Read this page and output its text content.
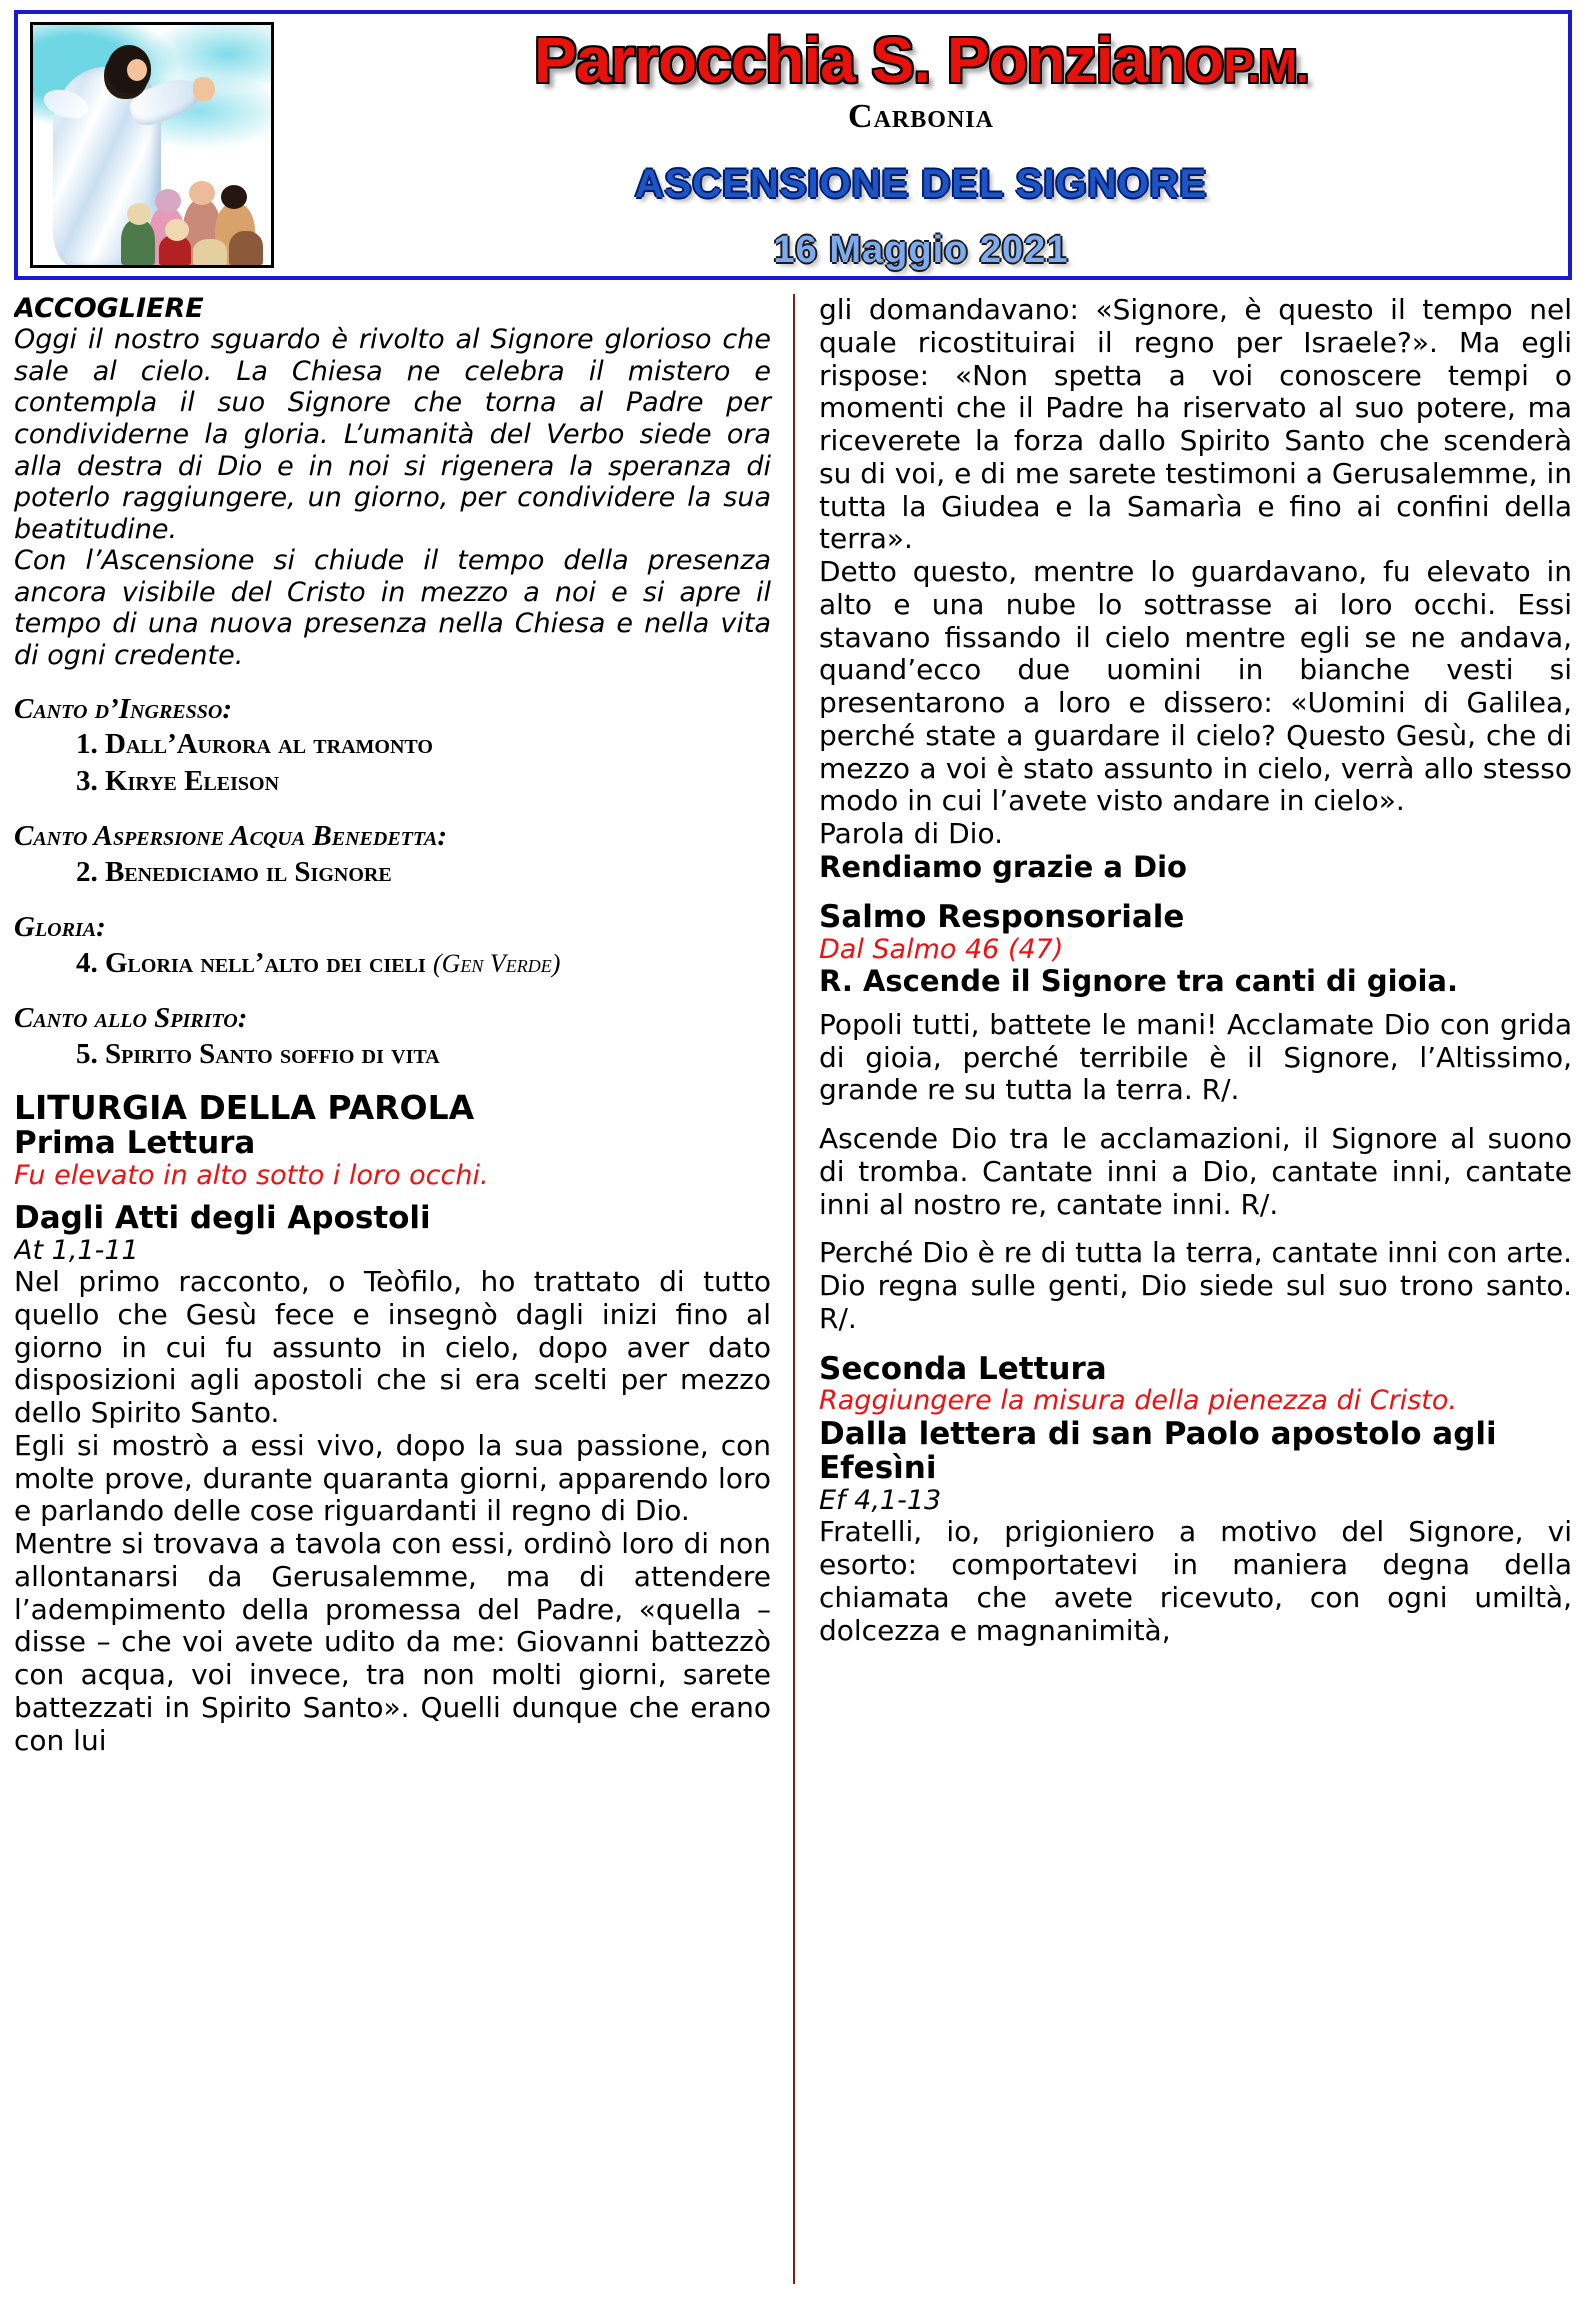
Parrocchia S. PonzianoP.M.
Carbonia
ASCENSIONE DEL SIGNORE
16 Maggio 2021
ACCOGLIERE

Oggi il nostro sguardo è rivolto al Signore glorioso che sale al cielo. La Chiesa ne celebra il mistero e contempla il suo Signore che torna al Padre per condividerne la gloria. L’umanità del Verbo siede ora alla destra di Dio e in noi si rigenera la speranza di poterlo raggiungere, un giorno, per condividere la sua beatitudine.

Con l’Ascensione si chiude il tempo della presenza ancora visibile del Cristo in mezzo a noi e si apre il tempo di una nuova presenza nella Chiesa e nella vita di ogni credente.

Canto d’Ingresso:
1. Dall’Aurora al tramonto
3. Kirye Eleison
Canto Aspersione Acqua Benedetta:
2. Benediciamo il Signore
Gloria:
4. Gloria nell’alto dei cieli (Gen Verde)
Canto allo Spirito:
5. Spirito Santo soffio di vita
LITURGIA DELLA PAROLA
Prima Lettura
Fu elevato in alto sotto i loro occhi.
Dagli Atti degli Apostoli
At 1,1-11

Nel primo racconto, o Teòfilo, ho trattato di tutto quello che Gesù fece e insegnò dagli inizi fino al giorno in cui fu assunto in cielo, dopo aver dato disposizioni agli apostoli che si era scelti per mezzo dello Spirito Santo.

Egli si mostrò a essi vivo, dopo la sua passione, con molte prove, durante quaranta giorni, apparendo loro e parlando delle cose riguardanti il regno di Dio.

Mentre si trovava a tavola con essi, ordinò loro di non allontanarsi da Gerusalemme, ma di attendere l’adempimento della promessa del Padre, «quella – disse – che voi avete udito da me: Giovanni battezzò con acqua, voi invece, tra non molti giorni, sarete battezzati in Spirito Santo». Quelli dunque che erano con lui

gli domandavano: «Signore, è questo il tempo nel quale ricostituirai il regno per Israele?». Ma egli rispose: «Non spetta a voi conoscere tempi o momenti che il Padre ha riservato al suo potere, ma riceverete la forza dallo Spirito Santo che scenderà su di voi, e di me sarete testimoni a Gerusalemme, in tutta la Giudea e la Samarìa e fino ai confini della terra».

Detto questo, mentre lo guardavano, fu elevato in alto e una nube lo sottrasse ai loro occhi. Essi stavano fissando il cielo mentre egli se ne andava, quand’ecco due uomini in bianche vesti si presentarono a loro e dissero: «Uomini di Galilea, perché state a guardare il cielo? Questo Gesù, che di mezzo a voi è stato assunto in cielo, verrà allo stesso modo in cui l’avete visto andare in cielo».

Parola di Dio.
Rendiamo grazie a Dio
Salmo Responsoriale
Dal Salmo 46 (47)

R. Ascende il Signore tra canti di gioia.

Popoli tutti, battete le mani! Acclamate Dio con grida di gioia, perché terribile è il Signore, l’Altissimo, grande re su tutta la terra. R/.

Ascende Dio tra le acclamazioni, il Signore al suono di tromba. Cantate inni a Dio, cantate inni, cantate inni al nostro re, cantate inni. R/.

Perché Dio è re di tutta la terra, cantate inni con arte. Dio regna sulle genti, Dio siede sul suo trono santo. R/.

Seconda Lettura
Raggiungere la misura della pienezza di Cristo.
Dalla lettera di san Paolo apostolo agli Efesìni
Ef 4,1-13

Fratelli, io, prigioniero a motivo del Signore, vi esorto: comportatevi in maniera degna della chiamata che avete ricevuto, con ogni umiltà, dolcezza e magnanimità,
